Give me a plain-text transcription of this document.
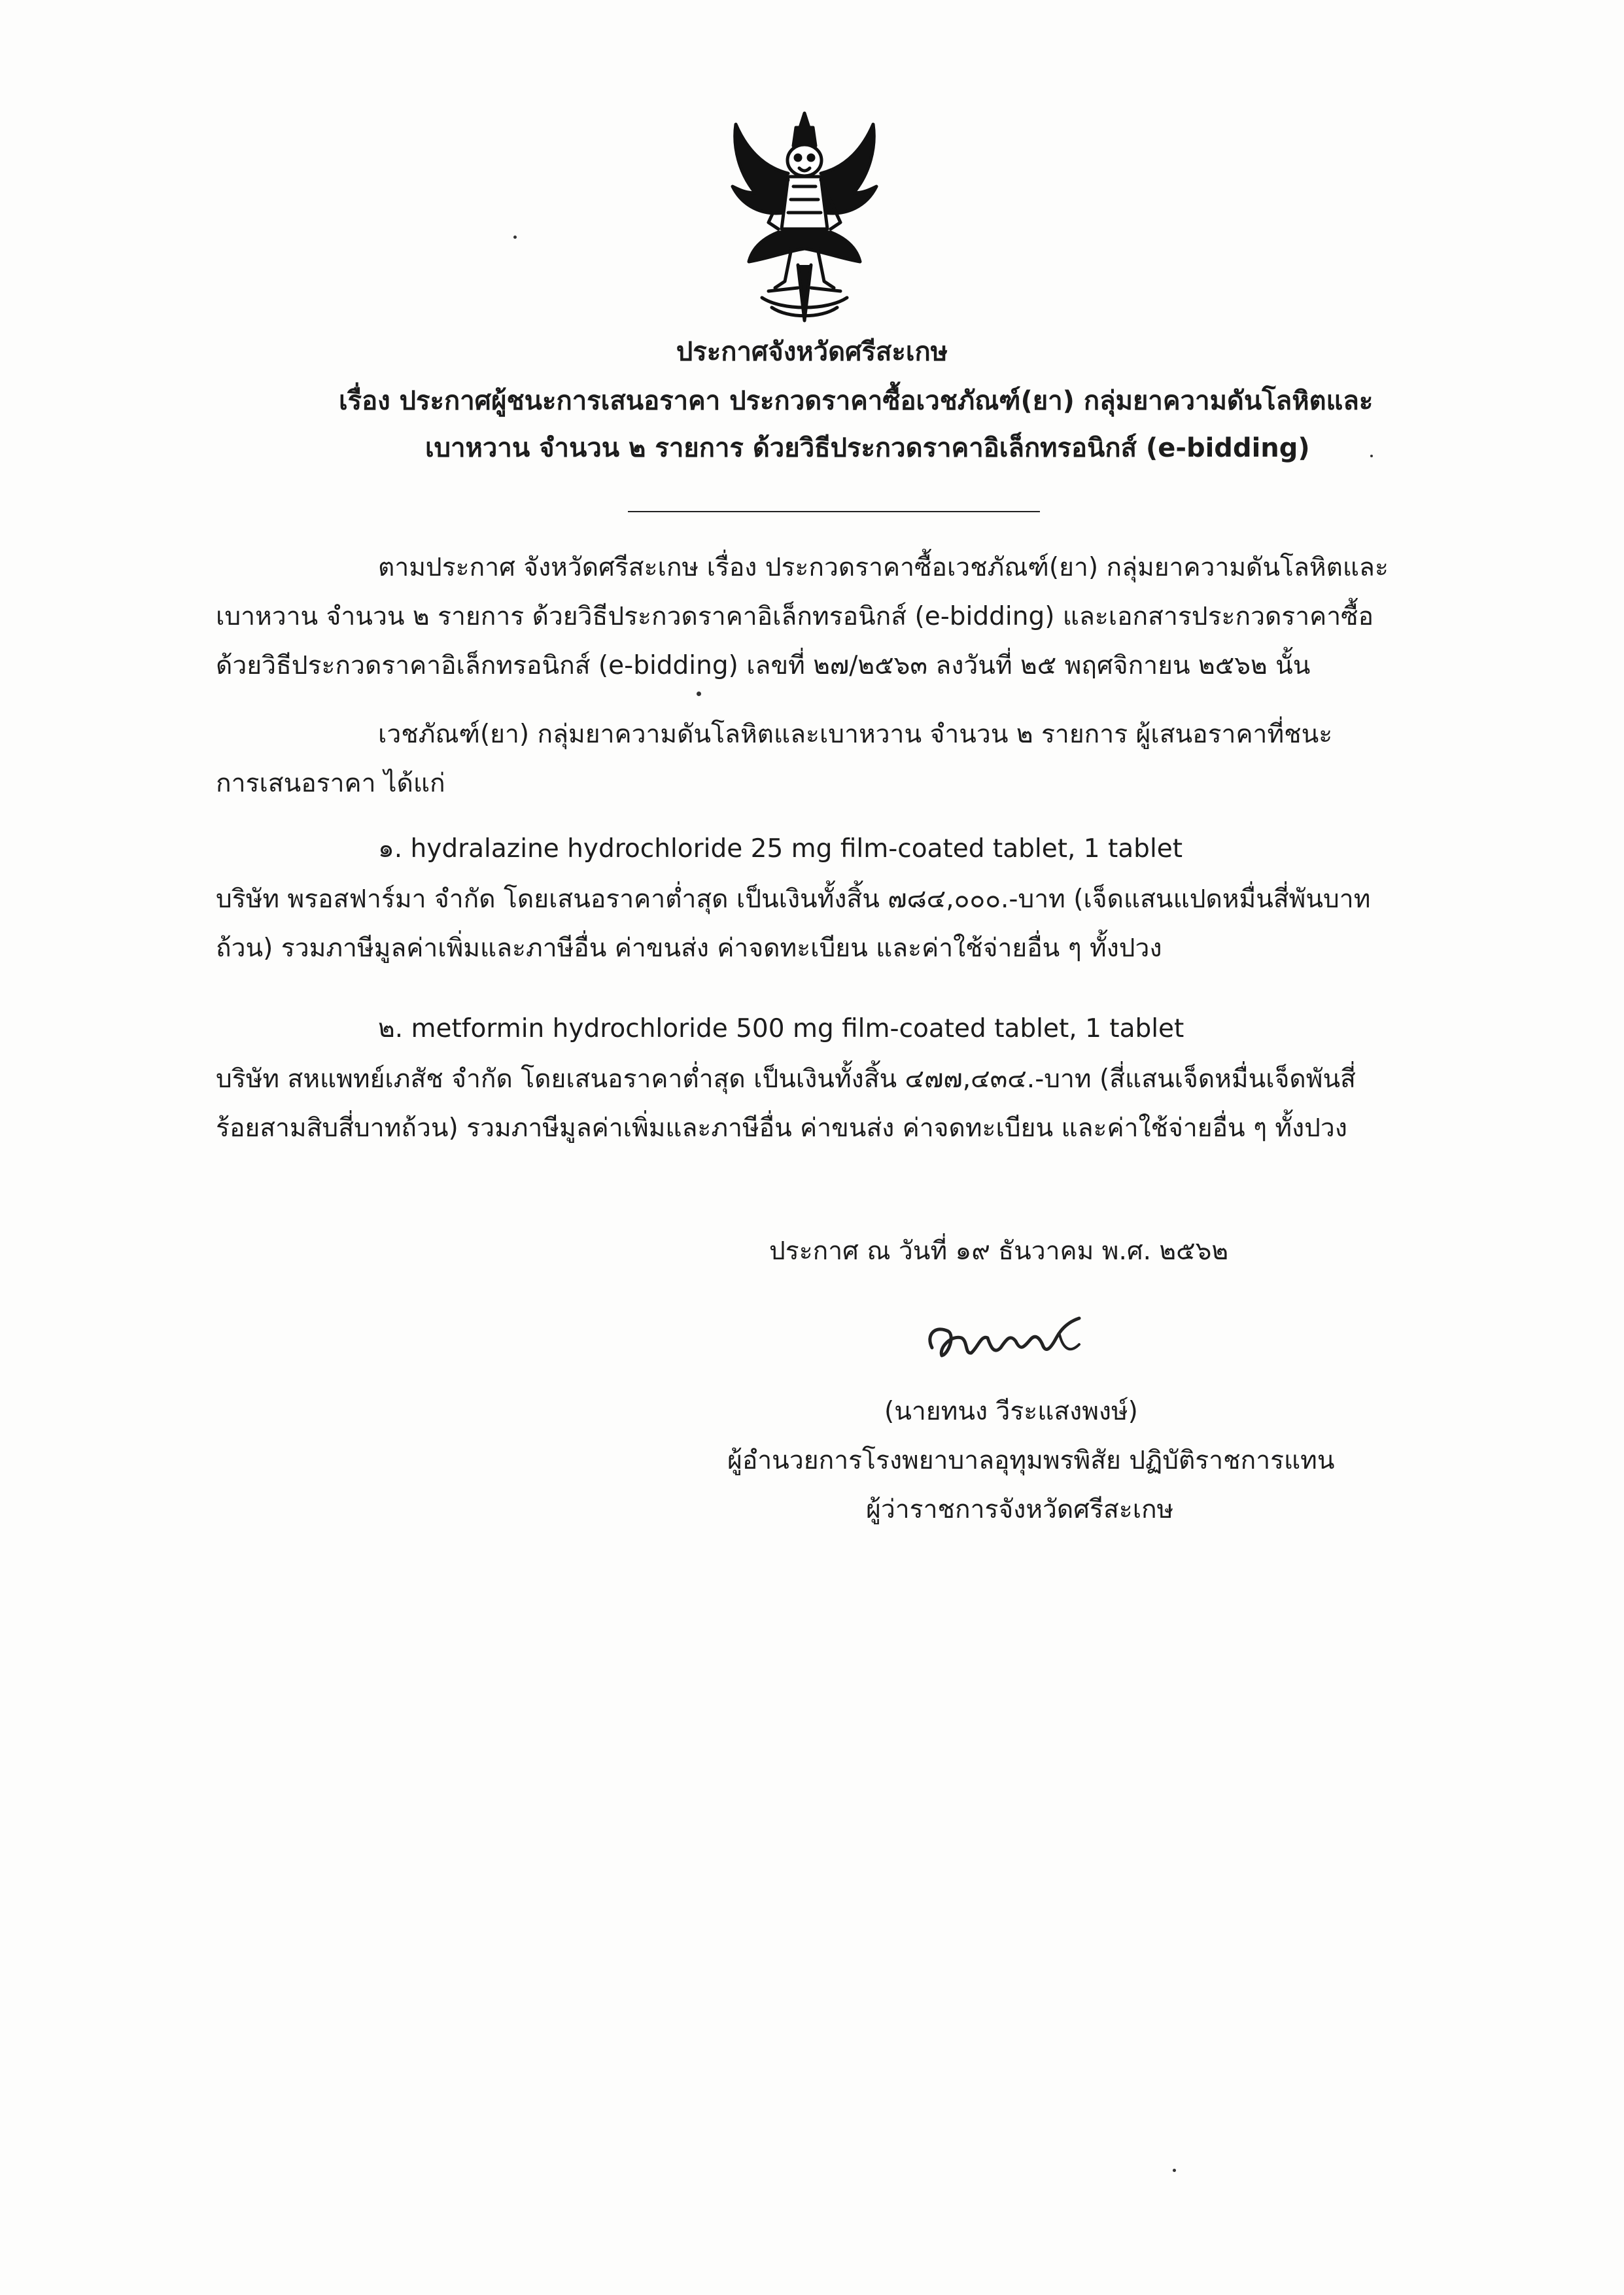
ประกาศจังหวัดศรีสะเกษ
เรื่อง ประกาศผู้ชนะการเสนอราคา ประกวดราคาซื้อเวชภัณฑ์(ยา) กลุ่มยาความดันโลหิตและ
เบาหวาน จำนวน ๒ รายการ ด้วยวิธีประกวดราคาอิเล็กทรอนิกส์ (e-bidding)
ตามประกาศ จังหวัดศรีสะเกษ เรื่อง ประกวดราคาซื้อเวชภัณฑ์(ยา) กลุ่มยาความดันโลหิตและ
เบาหวาน จำนวน ๒ รายการ ด้วยวิธีประกวดราคาอิเล็กทรอนิกส์ (e-bidding) และเอกสารประกวดราคาซื้อ
ด้วยวิธีประกวดราคาอิเล็กทรอนิกส์ (e-bidding) เลขที่ ๒๗/๒๕๖๓ ลงวันที่ ๒๕ พฤศจิกายน ๒๕๖๒ นั้น
เวชภัณฑ์(ยา) กลุ่มยาความดันโลหิตและเบาหวาน จำนวน ๒ รายการ ผู้เสนอราคาที่ชนะ
การเสนอราคา ได้แก่
๑. hydralazine hydrochloride 25 mg film-coated tablet, 1 tablet
บริษัท พรอสฟาร์มา จำกัด โดยเสนอราคาต่ำสุด เป็นเงินทั้งสิ้น ๗๘๔,๐๐๐.-บาท (เจ็ดแสนแปดหมื่นสี่พันบาท
ถ้วน) รวมภาษีมูลค่าเพิ่มและภาษีอื่น ค่าขนส่ง ค่าจดทะเบียน และค่าใช้จ่ายอื่น ๆ ทั้งปวง
๒. metformin hydrochloride 500 mg film-coated tablet, 1 tablet
บริษัท สหแพทย์เภสัช จำกัด โดยเสนอราคาต่ำสุด เป็นเงินทั้งสิ้น ๔๗๗,๔๓๔.-บาท (สี่แสนเจ็ดหมื่นเจ็ดพันสี่
ร้อยสามสิบสี่บาทถ้วน) รวมภาษีมูลค่าเพิ่มและภาษีอื่น ค่าขนส่ง ค่าจดทะเบียน และค่าใช้จ่ายอื่น ๆ ทั้งปวง
ประกาศ ณ วันที่ ๑๙ ธันวาคม พ.ศ. ๒๕๖๒
(นายทนง วีระแสงพงษ์)
ผู้อำนวยการโรงพยาบาลอุทุมพรพิสัย ปฏิบัติราชการแทน
ผู้ว่าราชการจังหวัดศรีสะเกษ
